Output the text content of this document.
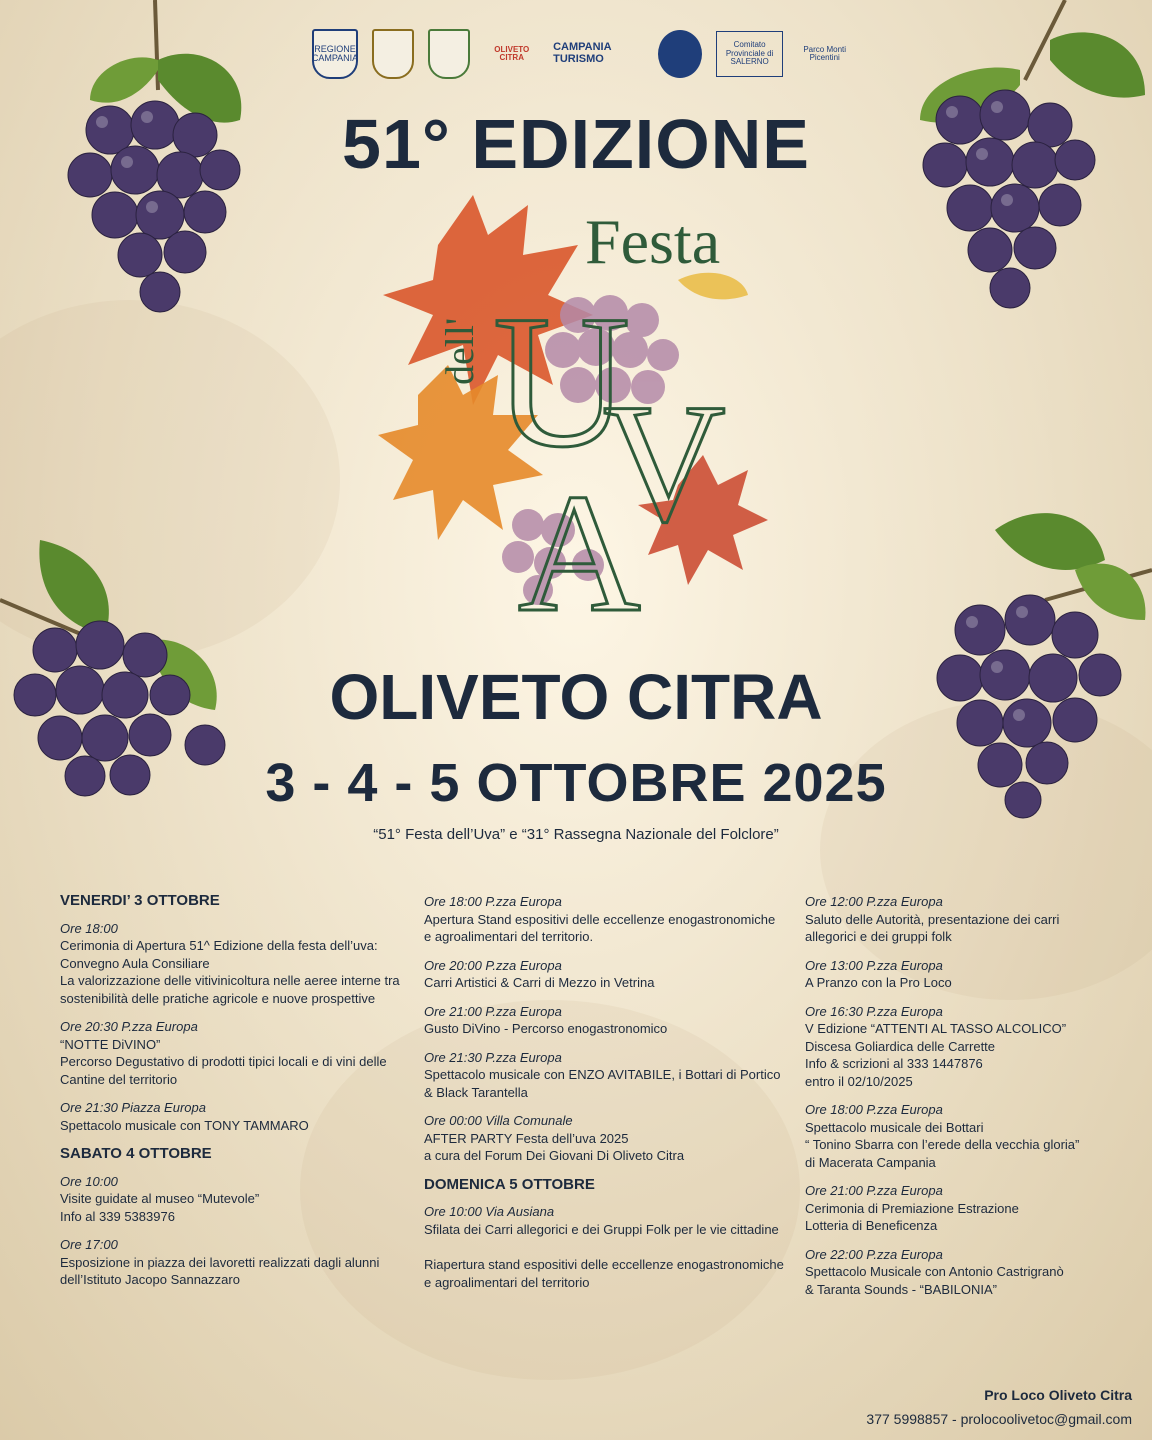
REGIONE CAMPANIA
OLIVETO CITRA
CAMPANIA TURISMO
Comitato Provinciale di SALERNO
Parco Monti Picentini
51° EDIZIONE
Festa
dell' U
V
A
OLIVETO CITRA
3 - 4 - 5 OTTOBRE 2025

“51° Festa dell’Uva” e “31° Rassegna Nazionale del Folclore”

VENERDI’ 3 OTTOBRE
Ore 18:00
Cerimonia di Apertura 51^ Edizione della festa dell’uva:
Convegno Aula Consiliare
La valorizzazione delle vitivinicoltura nelle aeree interne tra sostenibilità delle pratiche agricole e nuove prospettive
Ore 20:30 P.zza Europa
“NOTTE DiVINO”
Percorso Degustativo di prodotti tipici locali e di vini delle Cantine del territorio
Ore 21:30 Piazza Europa
Spettacolo musicale con TONY TAMMARO
SABATO 4 OTTOBRE
Ore 10:00
Visite guidate al museo “Mutevole”
Info al 339 5383976
Ore 17:00
Esposizione in piazza dei lavoretti realizzati dagli alunni dell’Istituto Jacopo Sannazzaro
Ore 18:00 P.zza Europa
Apertura Stand espositivi delle eccellenze enogastronomiche e agroalimentari del territorio.
Ore 20:00 P.zza Europa
Carri Artistici & Carri di Mezzo in Vetrina
Ore 21:00 P.zza Europa
Gusto DiVino - Percorso enogastronomico
Ore 21:30 P.zza Europa
Spettacolo musicale con ENZO AVITABILE, i Bottari di Portico & Black Tarantella
Ore 00:00 Villa Comunale
AFTER PARTY Festa dell’uva 2025
a cura del Forum Dei Giovani Di Oliveto Citra
DOMENICA 5 OTTOBRE
Ore 10:00 Via Ausiana
Sfilata dei Carri allegorici e dei Gruppi Folk per le vie cittadine
Riapertura stand espositivi delle eccellenze enogastronomiche e agroalimentari del territorio
Ore 12:00 P.zza Europa
Saluto delle Autorità, presentazione dei carri allegorici e dei gruppi folk
Ore 13:00 P.zza Europa
A Pranzo con la Pro Loco
Ore 16:30 P.zza Europa
V Edizione “ATTENTI AL TASSO ALCOLICO”
Discesa Goliardica delle Carrette
Info & scrizioni al 333 1447876
entro il 02/10/2025
Ore 18:00 P.zza Europa
Spettacolo musicale dei Bottari
“ Tonino Sbarra con l’erede della vecchia gloria”
di Macerata Campania
Ore 21:00 P.zza Europa
Cerimonia di Premiazione Estrazione
Lotteria di Beneficenza
Ore 22:00 P.zza Europa
Spettacolo Musicale con Antonio Castrigranò
& Taranta Sounds - “BABILONIA”
Pro Loco Oliveto Citra
377 5998857 - prolocoolivetoc@gmail.com
